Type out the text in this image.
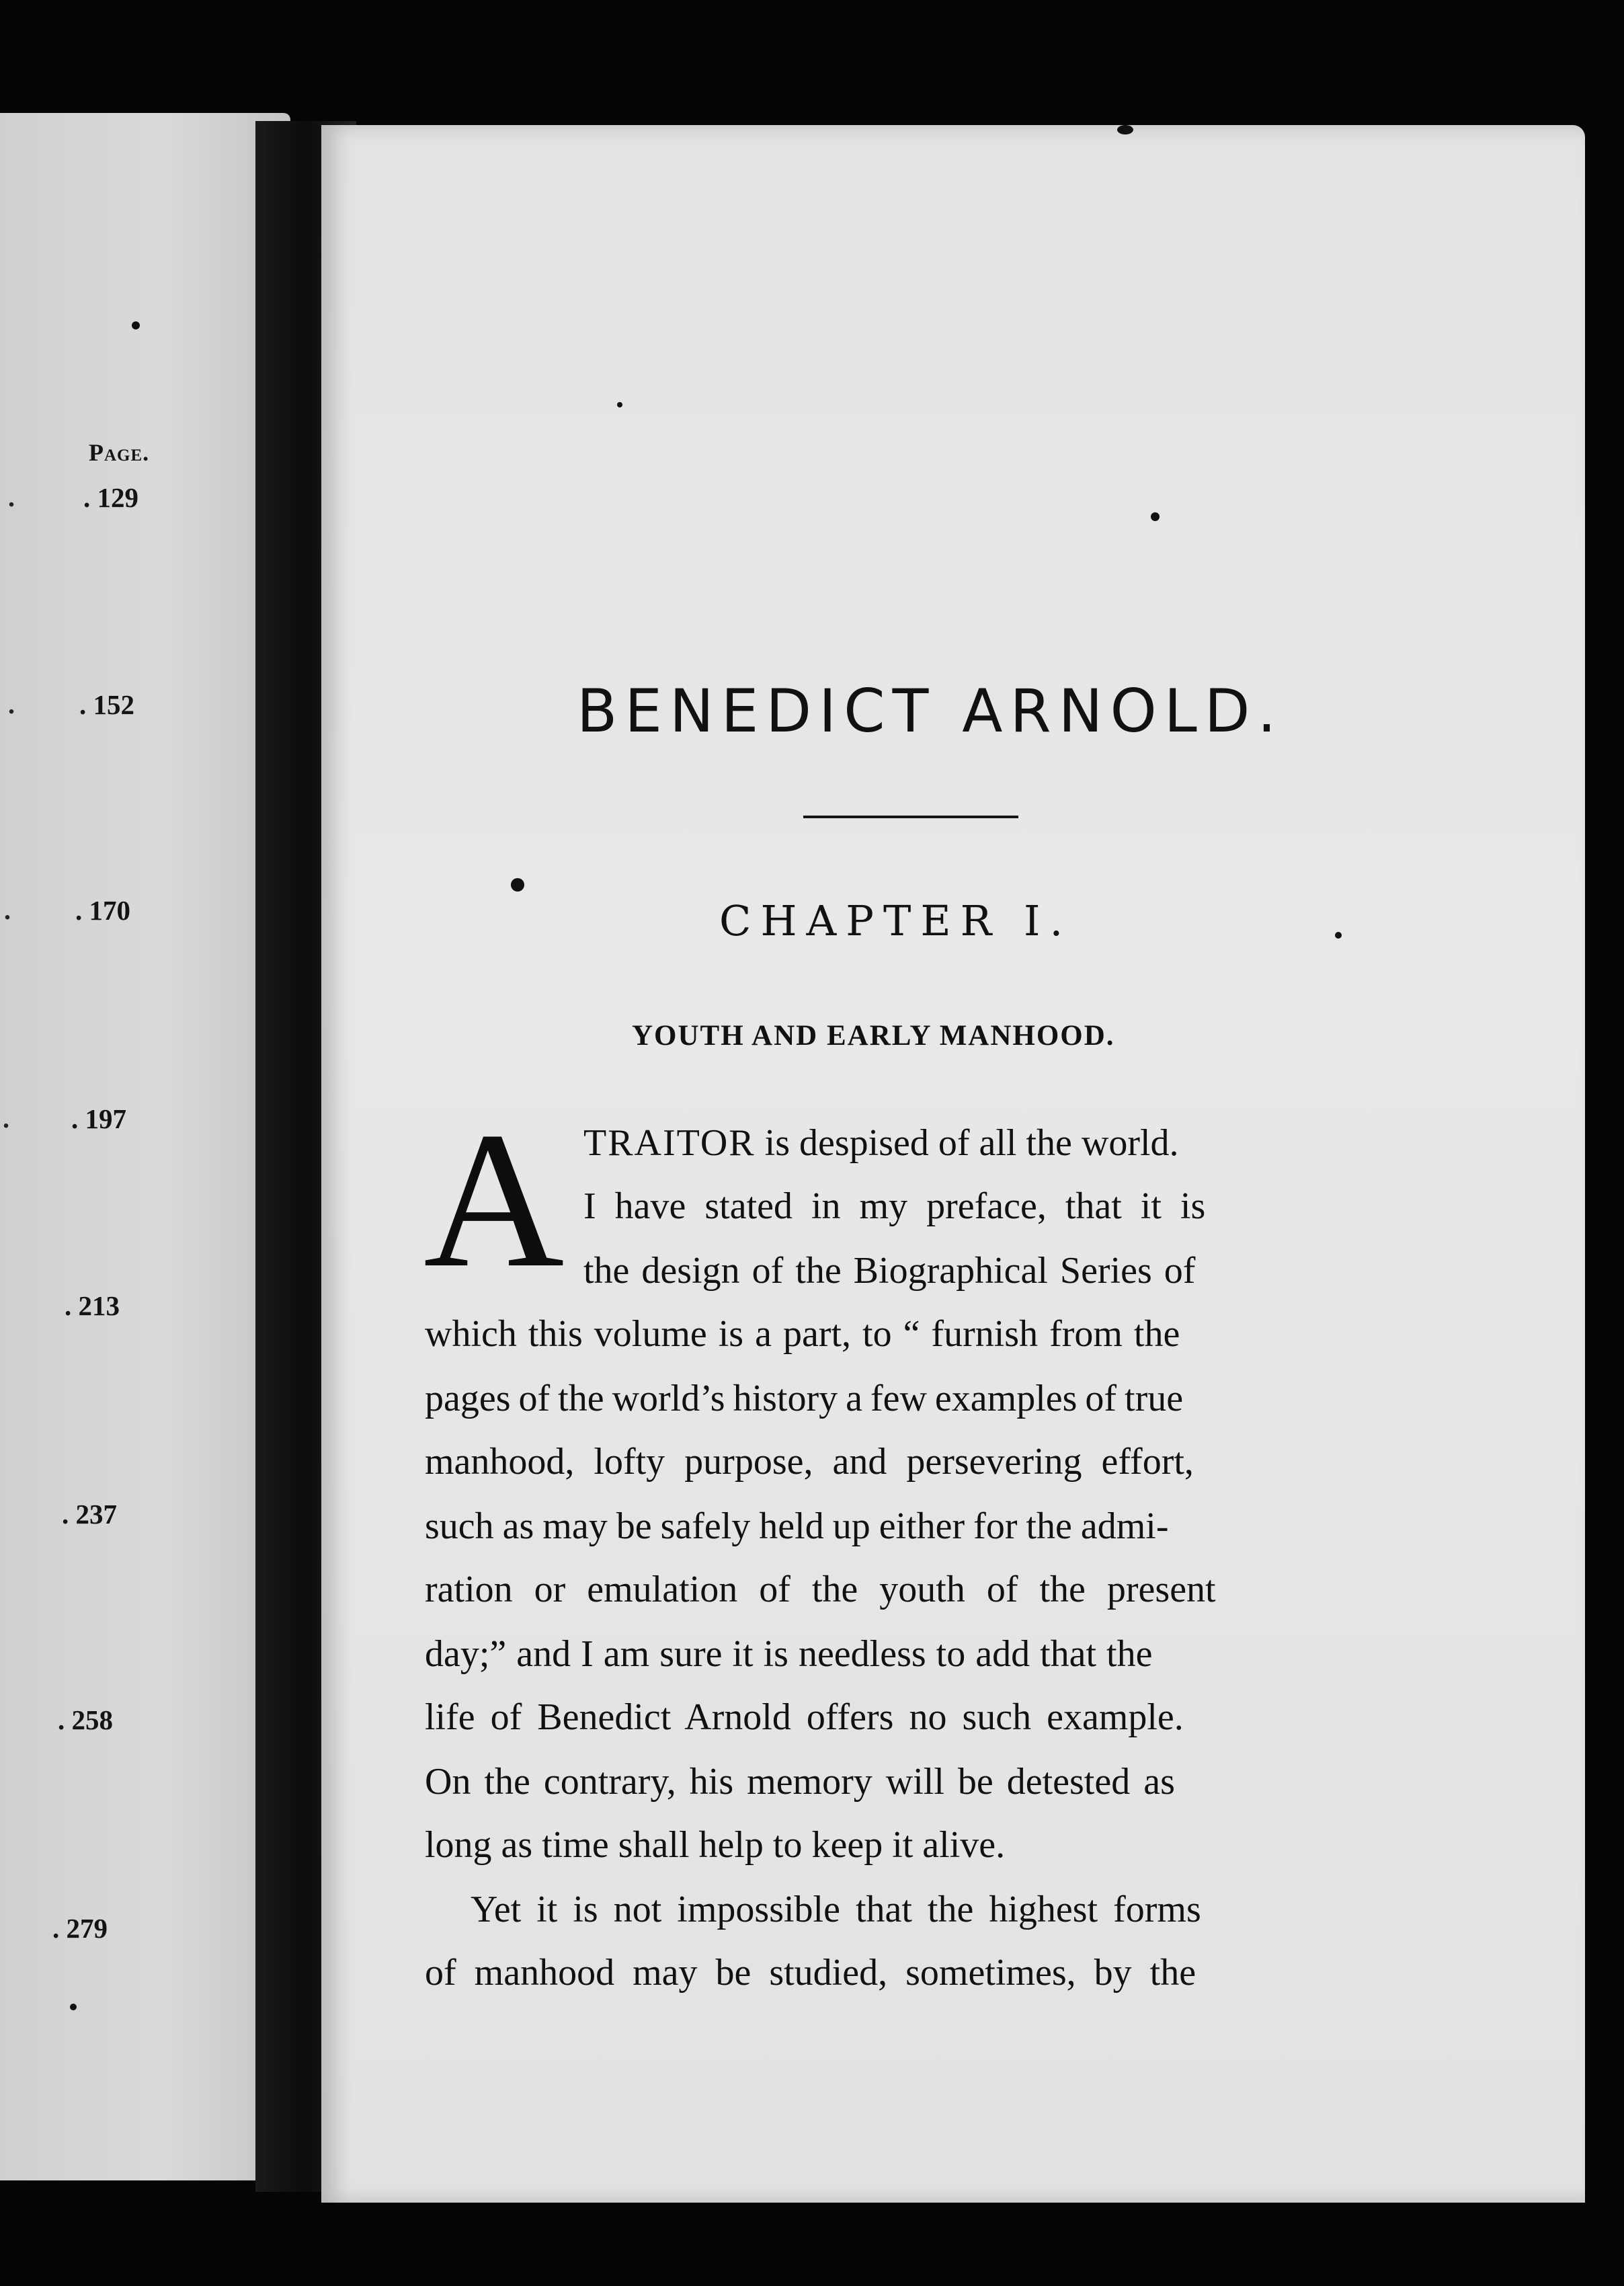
Page.
. . 129
. . 152
. . 170
. . 197
. 213
. 237
. 258
. 279
BENEDICT ARNOLD.
CHAPTER I.
YOUTH AND EARLY MANHOOD.
A TRAITOR is despised of all the world.
I have stated in my preface, that it is
the design of the Biographical Series of
which this volume is a part, to “ furnish from the
pages of the world’s history a few examples of true
manhood, lofty purpose, and persevering effort,
such as may be safely held up either for the admi-
ration or emulation of the youth of the present
day;” and I am sure it is needless to add that the
life of Benedict Arnold offers no such example.
On the contrary, his memory will be detested as
long as time shall help to keep it alive.
Yet it is not impossible that the highest forms
of manhood may be studied, sometimes, by the
